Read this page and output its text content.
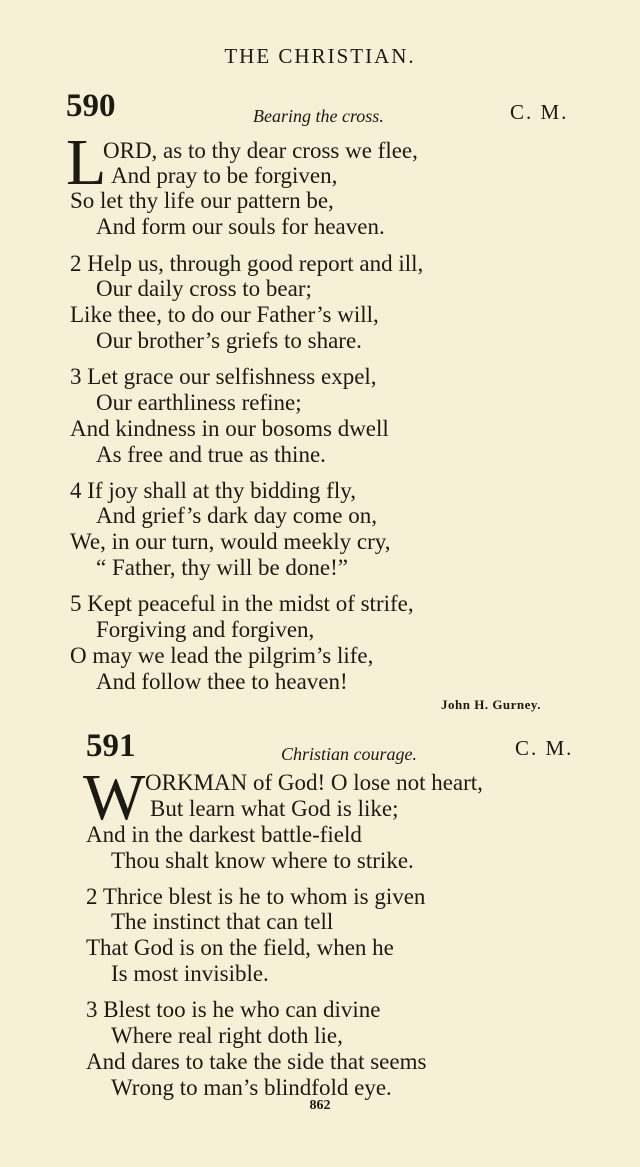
THE CHRISTIAN.
590	Bearing the cross.	C. M.
L
ORD, as to thy dear cross we flee,
And pray to be forgiven,
So let thy life our pattern be,
And form our souls for heaven.
2 Help us, through good report and ill,
Our daily cross to bear;
Like thee, to do our Father’s will,
Our brother’s griefs to share.
3 Let grace our selfishness expel,
Our earthliness refine;
And kindness in our bosoms dwell
As free and true as thine.
4 If joy shall at thy bidding fly,
And grief’s dark day come on,
We, in our turn, would meekly cry,
“ Father, thy will be done!”
5 Kept peaceful in the midst of strife,
Forgiving and forgiven,
O may we lead the pilgrim’s life,
And follow thee to heaven!
John H. Gurney.
591	Christian courage.	C. M.
W ORKMAN of God! O lose not heart,
But learn what God is like;
And in the darkest battle-field
Thou shalt know where to strike.
2 Thrice blest is he to whom is given
The instinct that can tell
That God is on the field, when he
Is most invisible.
3 Blest too is he who can divine
Where real right doth lie,
And dares to take the side that seems
Wrong to man’s blindfold eye.
862
